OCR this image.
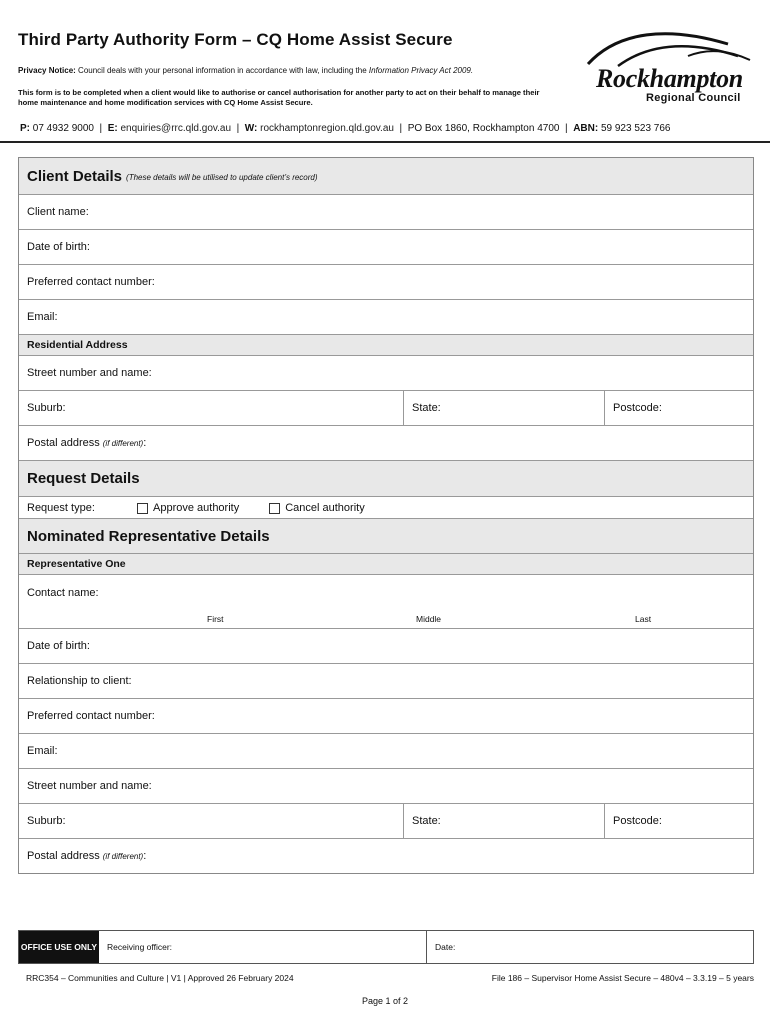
Third Party Authority Form – CQ Home Assist Secure
Privacy Notice: Council deals with your personal information in accordance with law, including the Information Privacy Act 2009.
This form is to be completed when a client would like to authorise or cancel authorisation for another party to act on their behalf to manage their home maintenance and home modification services with CQ Home Assist Secure.
P: 07 4932 9000 | E: enquiries@rrc.qld.gov.au | W: rockhamptonregion.qld.gov.au | PO Box 1860, Rockhampton 4700 | ABN: 59 923 523 766
Rockhampton
Regional Council
Client Details (These details will be utilised to update client’s record)
Client name:
Date of birth:
Preferred contact number:
Email:
Residential Address
Street number and name:
Suburb:	State:	Postcode:
Postal address (if different) :
Request Details
Request type:	Approve authority	Cancel authority
Nominated Representative Details
Representative One
Contact name:
First	Middle	Last
Date of birth:
Relationship to client:
Preferred contact number:
Email:
Street number and name:
Suburb:	State:	Postcode:
Postal address (if different) :
OFFICE USE ONLY Receiving officer:	Date:
RRC354 – Communities and Culture | V1 | Approved 26 February 2024	File 186 – Supervisor Home Assist Secure – 480v4 – 3.3.19 – 5 years
Page 1 of 2
